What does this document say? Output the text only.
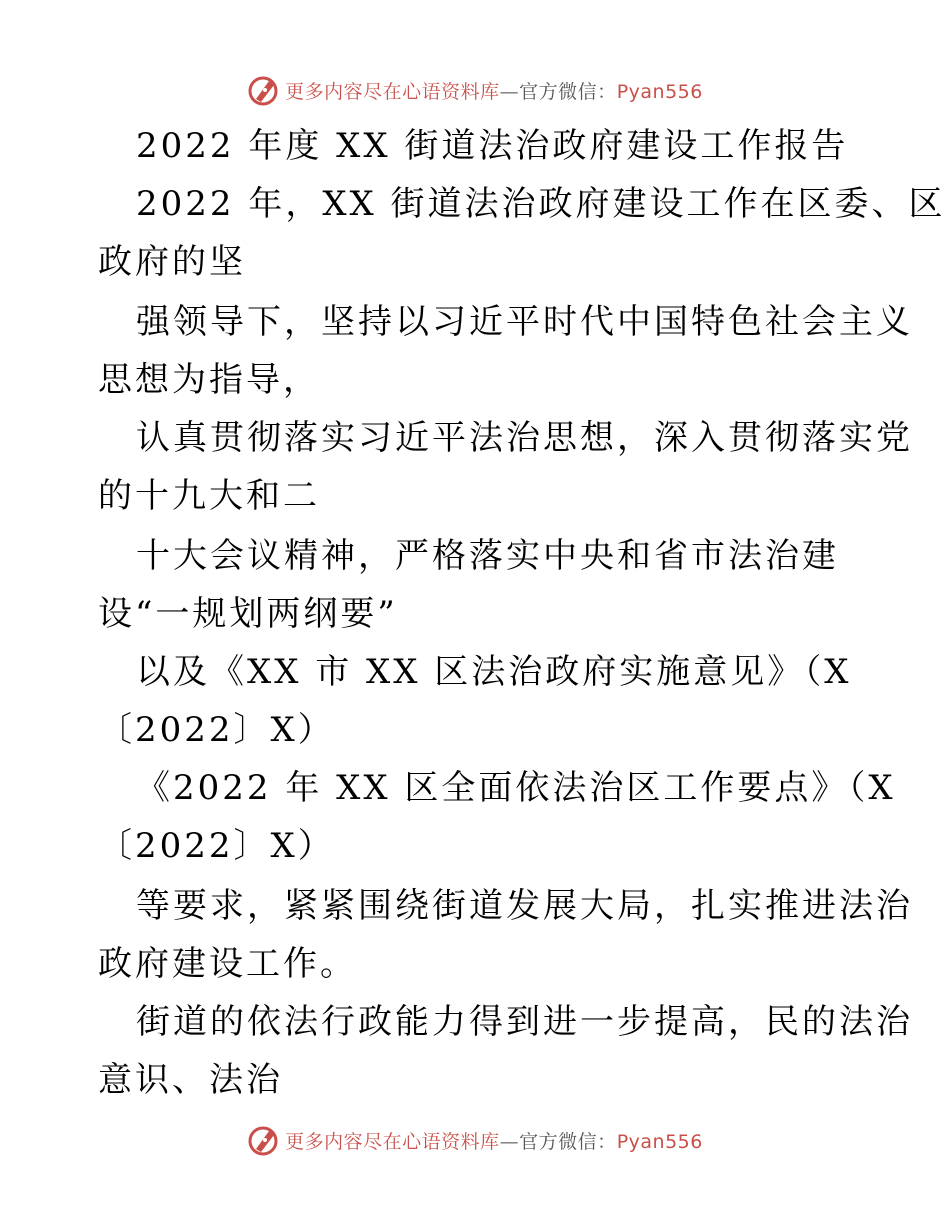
更多内容尽在心语资料库—官方微信：Pyan556
2022 年度 XX 街道法治政府建设工作报告
2022 年，XX 街道法治政府建设工作在区委、区
政府的坚
强领导下，坚持以习近平时代中国特色社会主义
思想为指导，
认真贯彻落实习近平法治思想，深入贯彻落实党
的十九大和二
十大会议精神，严格落实中央和省市法治建
设“一规划两纲要”
以及《XX 市 XX 区法治政府实施意见》（X
〔2022〕X）
《2022 年 XX 区全面依法治区工作要点》（X
〔2022〕X）
等要求，紧紧围绕街道发展大局，扎实推进法治
政府建设工作。
街道的依法行政能力得到进一步提高，民的法治
意识、法治
更多内容尽在心语资料库—官方微信：Pyan556
